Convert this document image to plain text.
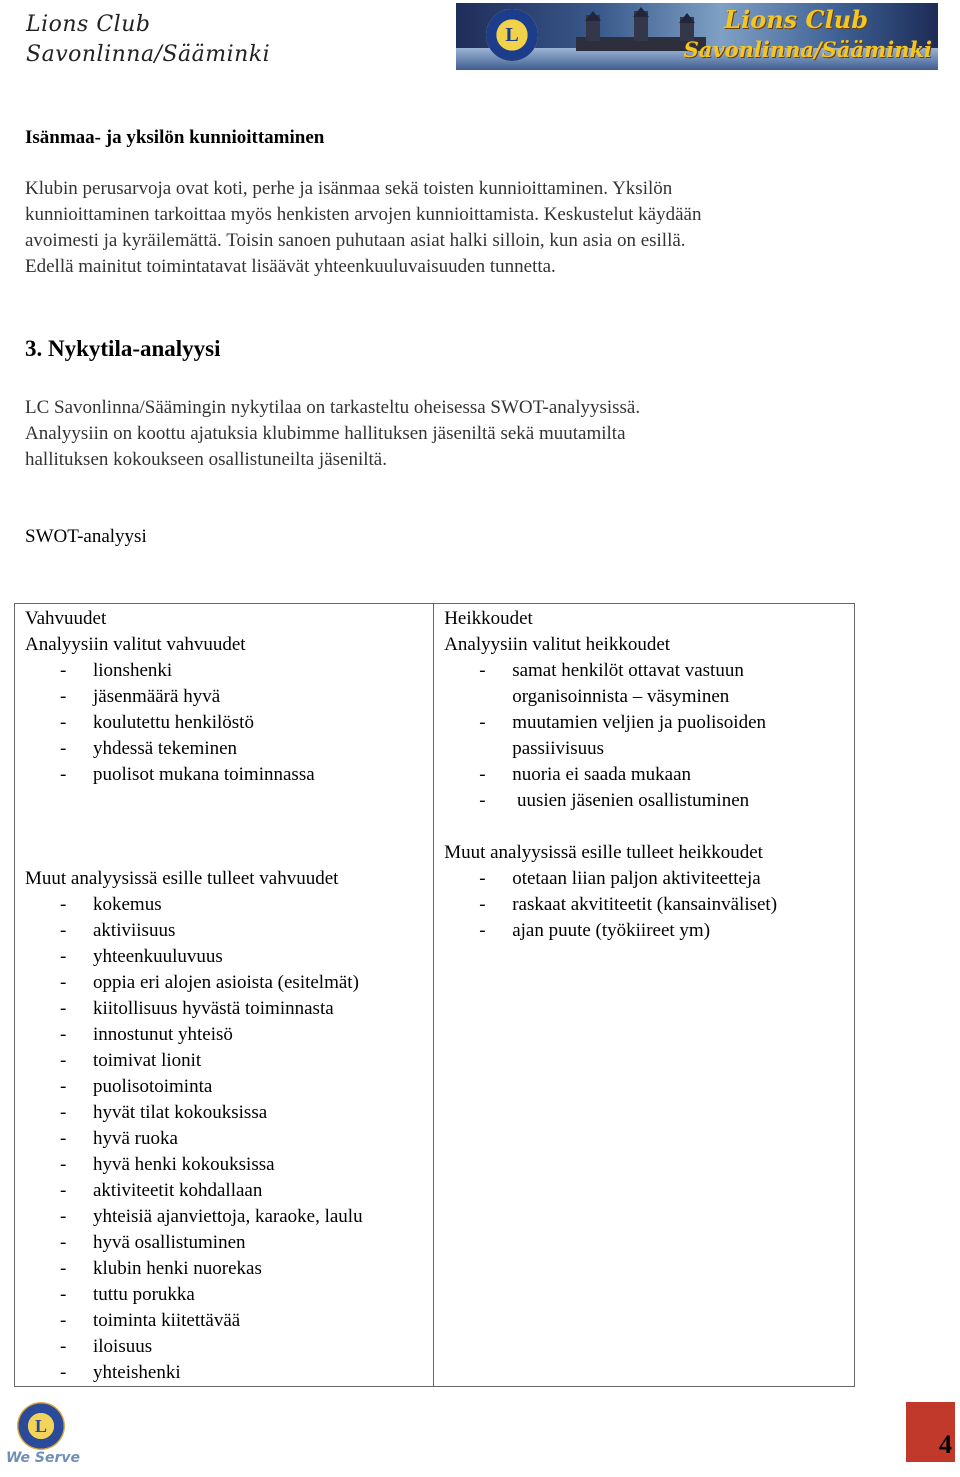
Lions Club
Savonlinna/Sääminki
L
Lions Club
Savonlinna/Sääminki
Isänmaa- ja yksilön kunnioittaminen
Klubin perusarvoja ovat koti, perhe ja isänmaa sekä toisten kunnioittaminen. Yksilön
kunnioittaminen tarkoittaa myös henkisten arvojen kunnioittamista. Keskustelut käydään
avoimesti ja kyräilemättä. Toisin sanoen puhutaan asiat halki silloin, kun asia on esillä.
Edellä mainitut toimintatavat lisäävät yhteenkuuluvaisuuden tunnetta.
3. Nykytila-analyysi
LC Savonlinna/Säämingin nykytilaa on tarkasteltu oheisessa SWOT-analyysissä.
Analyysiin on koottu ajatuksia klubimme hallituksen jäseniltä sekä muutamilta
hallituksen kokoukseen osallistuneilta jäseniltä.
SWOT-analyysi
Vahvuudet
Analyysiin valitut vahvuudet
- lionshenki
- jäsenmäärä hyvä
- koulutettu henkilöstö
- yhdessä tekeminen
- puolisot mukana toiminnassa
Muut analyysissä esille tulleet vahvuudet
- kokemus
- aktiviisuus
- yhteenkuuluvuus
- oppia eri alojen asioista (esitelmät)
- kiitollisuus hyvästä toiminnasta
- innostunut yhteisö
- toimivat lionit
- puolisotoiminta
- hyvät tilat kokouksissa
- hyvä ruoka
- hyvä henki kokouksissa
- aktiviteetit kohdallaan
- yhteisiä ajanviettoja, karaoke, laulu
- hyvä osallistuminen
- klubin henki nuorekas
- tuttu porukka
- toiminta kiitettävää
- iloisuus
- yhteishenki

Heikkoudet
Analyysiin valitut heikkoudet
- samat henkilöt ottavat vastuun organisoinnista – väsyminen
- muutamien veljien ja puolisoiden passiivisuus
- nuoria ei saada mukaan
-  uusien jäsenien osallistuminen
Muut analyysissä esille tulleet heikkoudet
- otetaan liian paljon aktiviteetteja
- raskaat akvititeetit (kansainväliset)
- ajan puute (työkiireet ym)
L
We Serve	4
